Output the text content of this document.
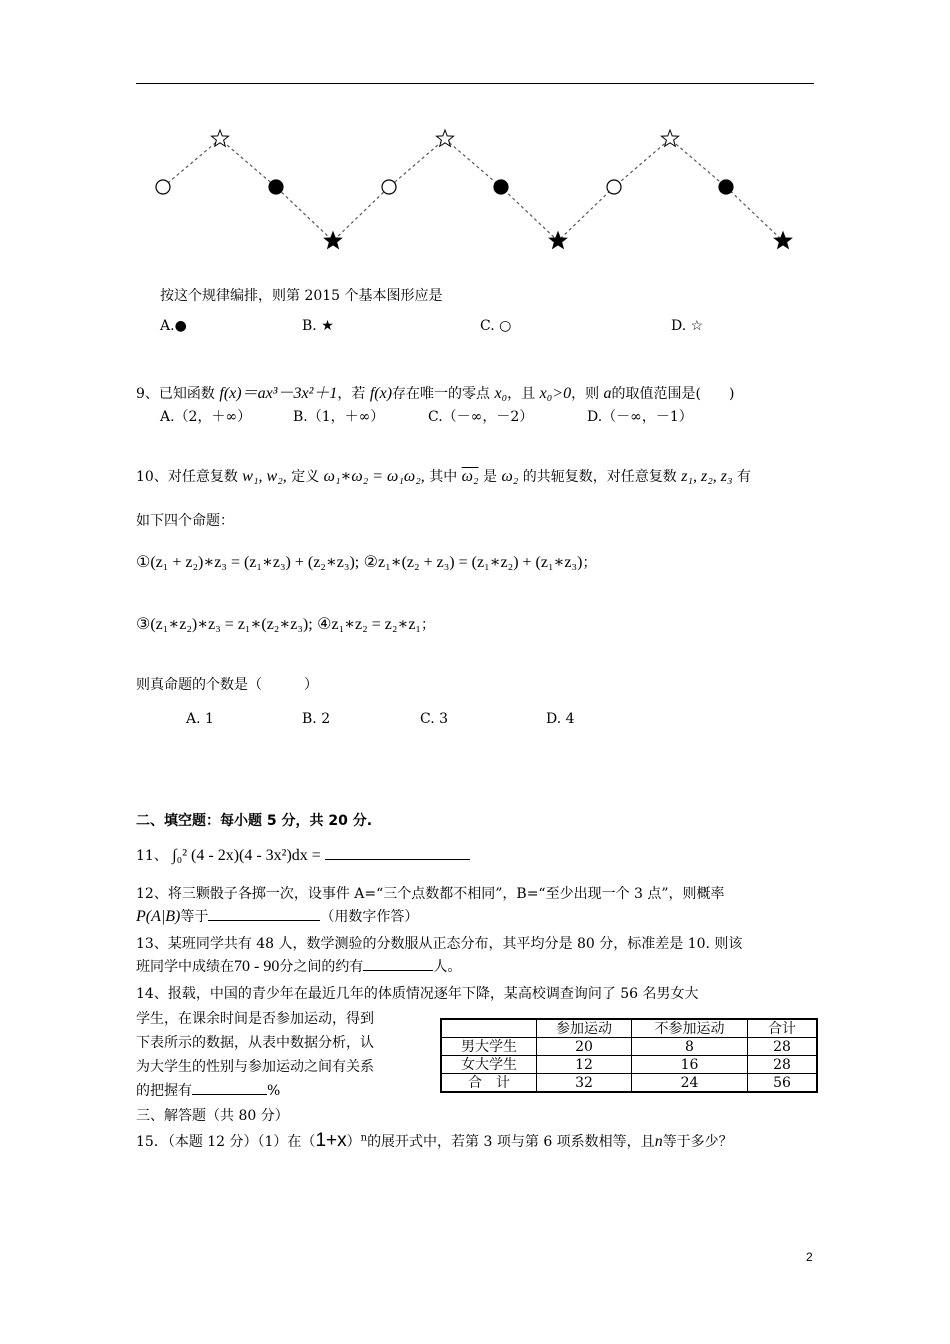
按这个规律编排，则第 2015 个基本图形应是
A.●	B. ★	C. ○	D. ☆
9、已知函数 f(x)＝ax³－3x²＋1，若 f(x)存在唯一的零点 x₀，且 x₀>0，则 a的取值范围是(　　)
A.（2，＋∞）	B.（1，＋∞）	C.（－∞，－2）	D.（－∞，－1）
10、对任意复数 w₁, w₂, 定义 ω₁∗ω₂ = ω₁ω₂, 其中 ω₂ 是 ω₂ 的共轭复数，对任意复数 z₁, z₂, z₃ 有
如下四个命题：
①(z₁ + z₂)∗z₃ = (z₁∗z₃) + (z₂∗z₃); ②z₁∗(z₂ + z₃) = (z₁∗z₂) + (z₁∗z₃)；
③(z₁∗z₂)∗z₃ = z₁∗(z₂∗z₃); ④z₁∗z₂ = z₂∗z₁；
则真命题的个数是（　　　）
A. 1	B. 2	C. 3	D. 4
二、填空题：每小题 5 分，共 20 分.
11、 ∫₀² (4 - 2x)(4 - 3x²)dx =
12、将三颗骰子各掷一次，设事件 A=“三个点数都不相同”，B=“至少出现一个 3 点”，则概率
P(A|B)等于	（用数字作答）
13、某班同学共有 48 人，数学测验的分数服从正态分布，其平均分是 80 分，标准差是 10. 则该
班同学中成绩在70 - 90分之间的约有	人。
14、报载，中国的青少年在最近几年的体质情况逐年下降，某高校调查询问了 56 名男女大
学生，在课余时间是否参加运动，得到
下表所示的数据，从表中数据分析，认
为大学生的性别与参加运动之间有关系
的把握有	%
	参加运动	不参加运动	合计
男大学生	20	8	28
女大学生	12	16	28
合　计	32	24	56
三、解答题（共 80 分）
15．（本题 12 分）（1）在$(1+x)^n$的展开式中，若第 3 项与第 6 项系数相等，且n等于多少？
2
